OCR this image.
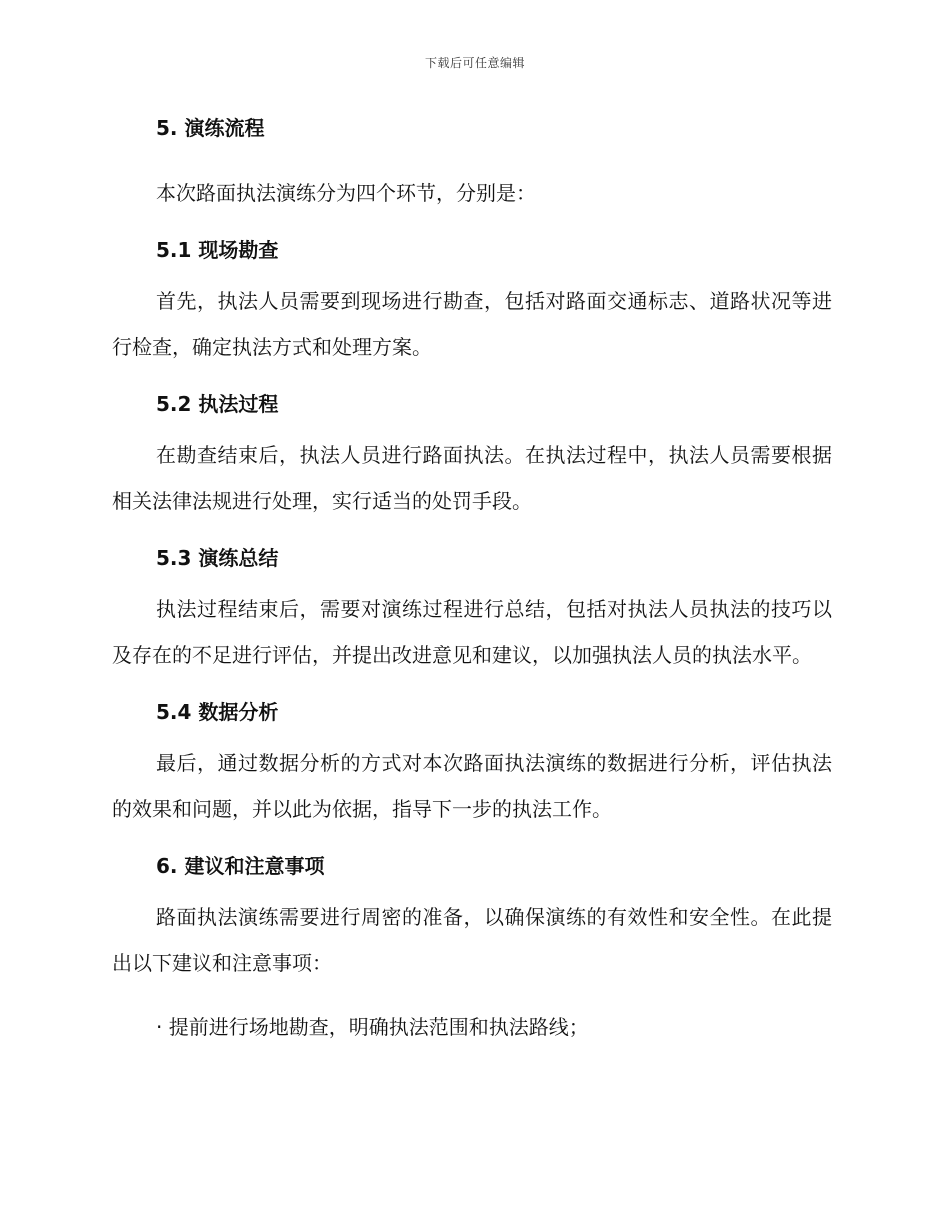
下载后可任意编辑

5. 演练流程

本次路面执法演练分为四个环节，分别是：

5.1 现场勘查

首先，执法人员需要到现场进行勘查，包括对路面交通标志、道路状况等进行检查，确定执法方式和处理方案。

5.2 执法过程

在勘查结束后，执法人员进行路面执法。在执法过程中，执法人员需要根据相关法律法规进行处理，实行适当的处罚手段。

5.3 演练总结

执法过程结束后，需要对演练过程进行总结，包括对执法人员执法的技巧以及存在的不足进行评估，并提出改进意见和建议，以加强执法人员的执法水平。

5.4 数据分析

最后，通过数据分析的方式对本次路面执法演练的数据进行分析，评估执法的效果和问题，并以此为依据，指导下一步的执法工作。

6. 建议和注意事项

路面执法演练需要进行周密的准备，以确保演练的有效性和安全性。在此提出以下建议和注意事项：

· 提前进行场地勘查，明确执法范围和执法路线；
